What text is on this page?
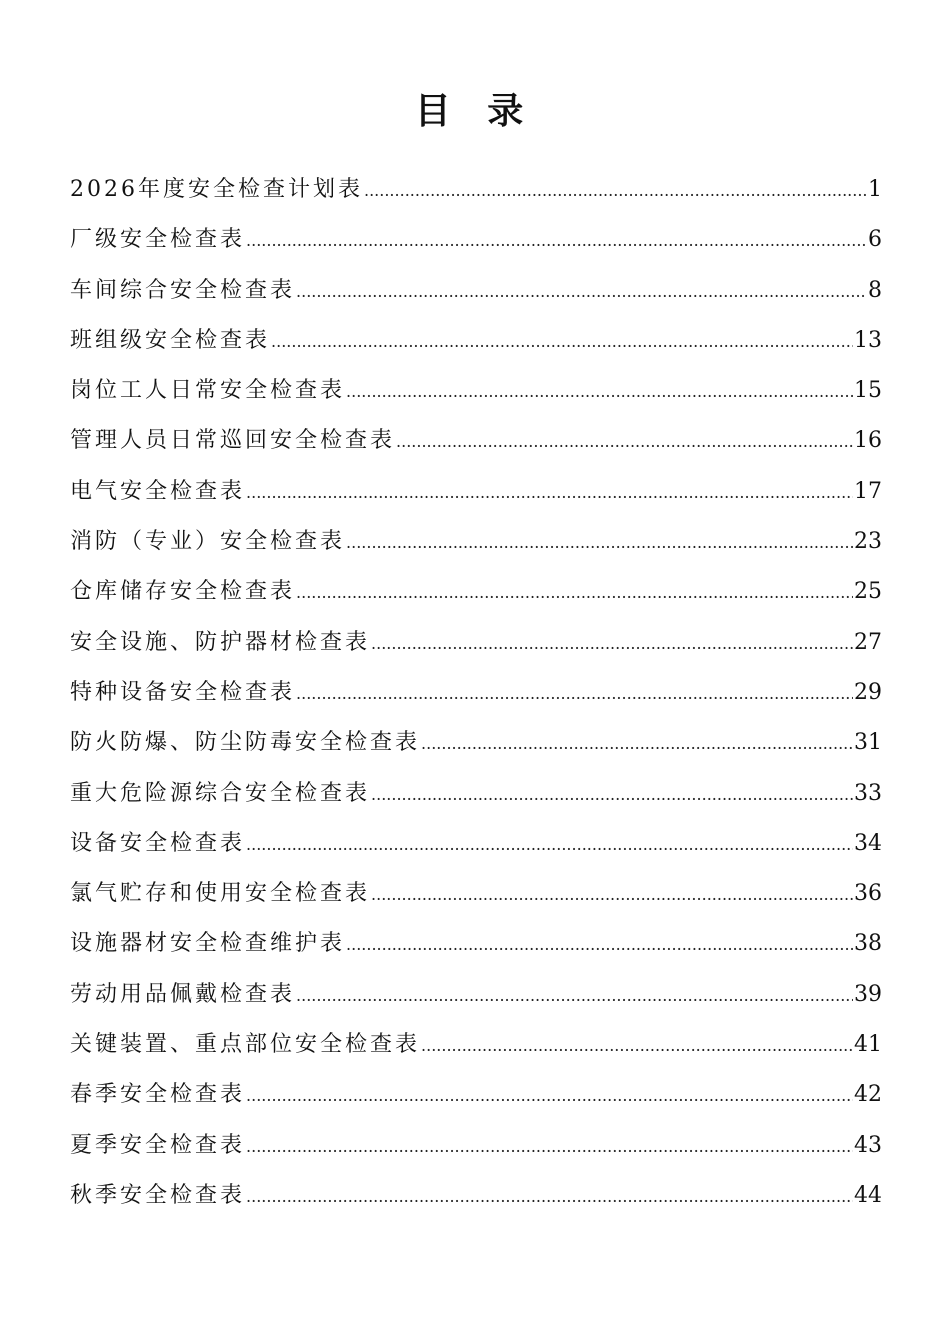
目 录
2026年度安全检查计划表 .....	1
厂级安全检查表 .....	6
车间综合安全检查表 .....	8
班组级安全检查表 .....	13
岗位工人日常安全检查表 .....	15
管理人员日常巡回安全检查表 .....	16
电气安全检查表 .....	17
消防（专业）安全检查表 .....	23
仓库储存安全检查表 .....	25
安全设施、防护器材检查表 .....	27
特种设备安全检查表 .....	29
防火防爆、防尘防毒安全检查表 .....	31
重大危险源综合安全检查表 .....	33
设备安全检查表 .....	34
氯气贮存和使用安全检查表 .....	36
设施器材安全检查维护表 .....	38
劳动用品佩戴检查表 .....	39
关键装置、重点部位安全检查表 .....	41
春季安全检查表 .....	42
夏季安全检查表 .....	43
秋季安全检查表 .....	44
